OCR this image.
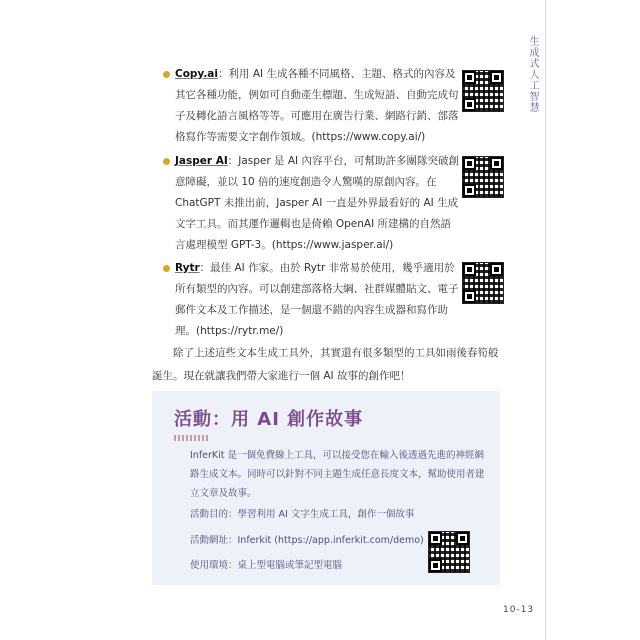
生成式人工智慧
Copy.ai：利用 AI 生成各種不同風格、主題、格式的內容及其它各種功能，例如可自動產生標題、生成短語、自動完成句子及轉化語言風格等等。可應用在廣告行業、網路行銷、部落格寫作等需要文字創作領域。(https://www.copy.ai/)
Jasper AI：Jasper 是 AI 內容平台，可幫助許多團隊突破創意障礙，並以 10 倍的速度創造令人驚嘆的原創內容。在 ChatGPT 未推出前，Jasper AI 一直是外界最看好的 AI 生成文字工具。而其運作邏輯也是倚賴 OpenAI 所建構的自然語言處理模型 GPT-3。(https://www.jasper.ai/)
Rytr：最佳 AI 作家。由於 Rytr 非常易於使用，幾乎適用於所有類型的內容。可以創建部落格大綱、社群媒體貼文、電子郵件文本及工作描述，是一個還不錯的內容生成器和寫作助理。(https://rytr.me/)
除了上述這些文本生成工具外，其實還有很多類型的工具如雨後春筍般誕生。現在就讓我們帶大家進行一個 AI 故事的創作吧！
活動：用 AI 創作故事
InferKit 是一個免費線上工具，可以接受您在輸入後透過先進的神經網路生成文本。同時可以針對不同主題生成任意長度文本，幫助使用者建立文章及故事。
活動目的：學習利用 AI 文字生成工具，創作一個故事
活動網址：Inferkit (https://app.inferkit.com/demo)
使用環境：桌上型電腦或筆記型電腦
10-13
